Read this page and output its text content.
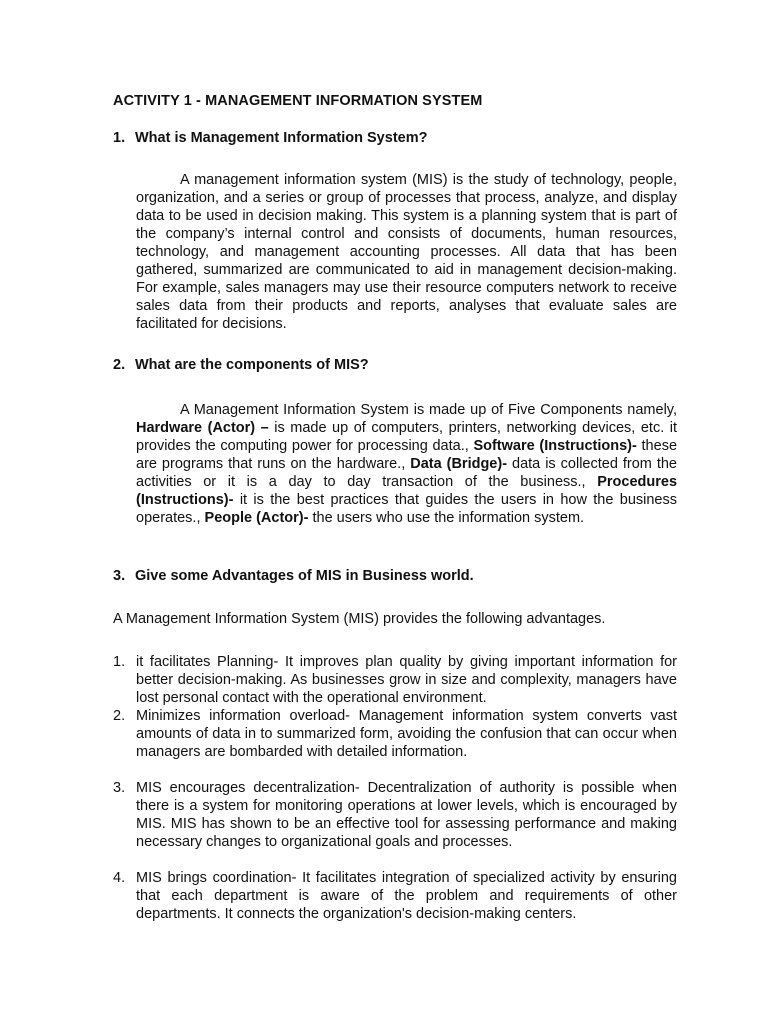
ACTIVITY 1 - MANAGEMENT INFORMATION SYSTEM
1. What is Management Information System?
A management information system (MIS) is the study of technology, people, organization, and a series or group of processes that process, analyze, and display data to be used in decision making. This system is a planning system that is part of the company’s internal control and consists of documents, human resources, technology, and management accounting processes. All data that has been gathered, summarized are communicated to aid in management decision-making. For example, sales managers may use their resource computers network to receive sales data from their products and reports, analyses that evaluate sales are facilitated for decisions.
2. What are the components of MIS?
A Management Information System is made up of Five Components namely, Hardware (Actor) – is made up of computers, printers, networking devices, etc. it provides the computing power for processing data., Software (Instructions)- these are programs that runs on the hardware., Data (Bridge)- data is collected from the activities or it is a day to day transaction of the business., Procedures (Instructions)- it is the best practices that guides the users in how the business operates., People (Actor)- the users who use the information system.
3. Give some Advantages of MIS in Business world.
A Management Information System (MIS) provides the following advantages.
1. it facilitates Planning- It improves plan quality by giving important information for better decision-making. As businesses grow in size and complexity, managers have lost personal contact with the operational environment.
2. Minimizes information overload- Management information system converts vast amounts of data in to summarized form, avoiding the confusion that can occur when managers are bombarded with detailed information.
3. MIS encourages decentralization- Decentralization of authority is possible when there is a system for monitoring operations at lower levels, which is encouraged by MIS. MIS has shown to be an effective tool for assessing performance and making necessary changes to organizational goals and processes.
4. MIS brings coordination- It facilitates integration of specialized activity by ensuring that each department is aware of the problem and requirements of other departments. It connects the organization's decision-making centers.
